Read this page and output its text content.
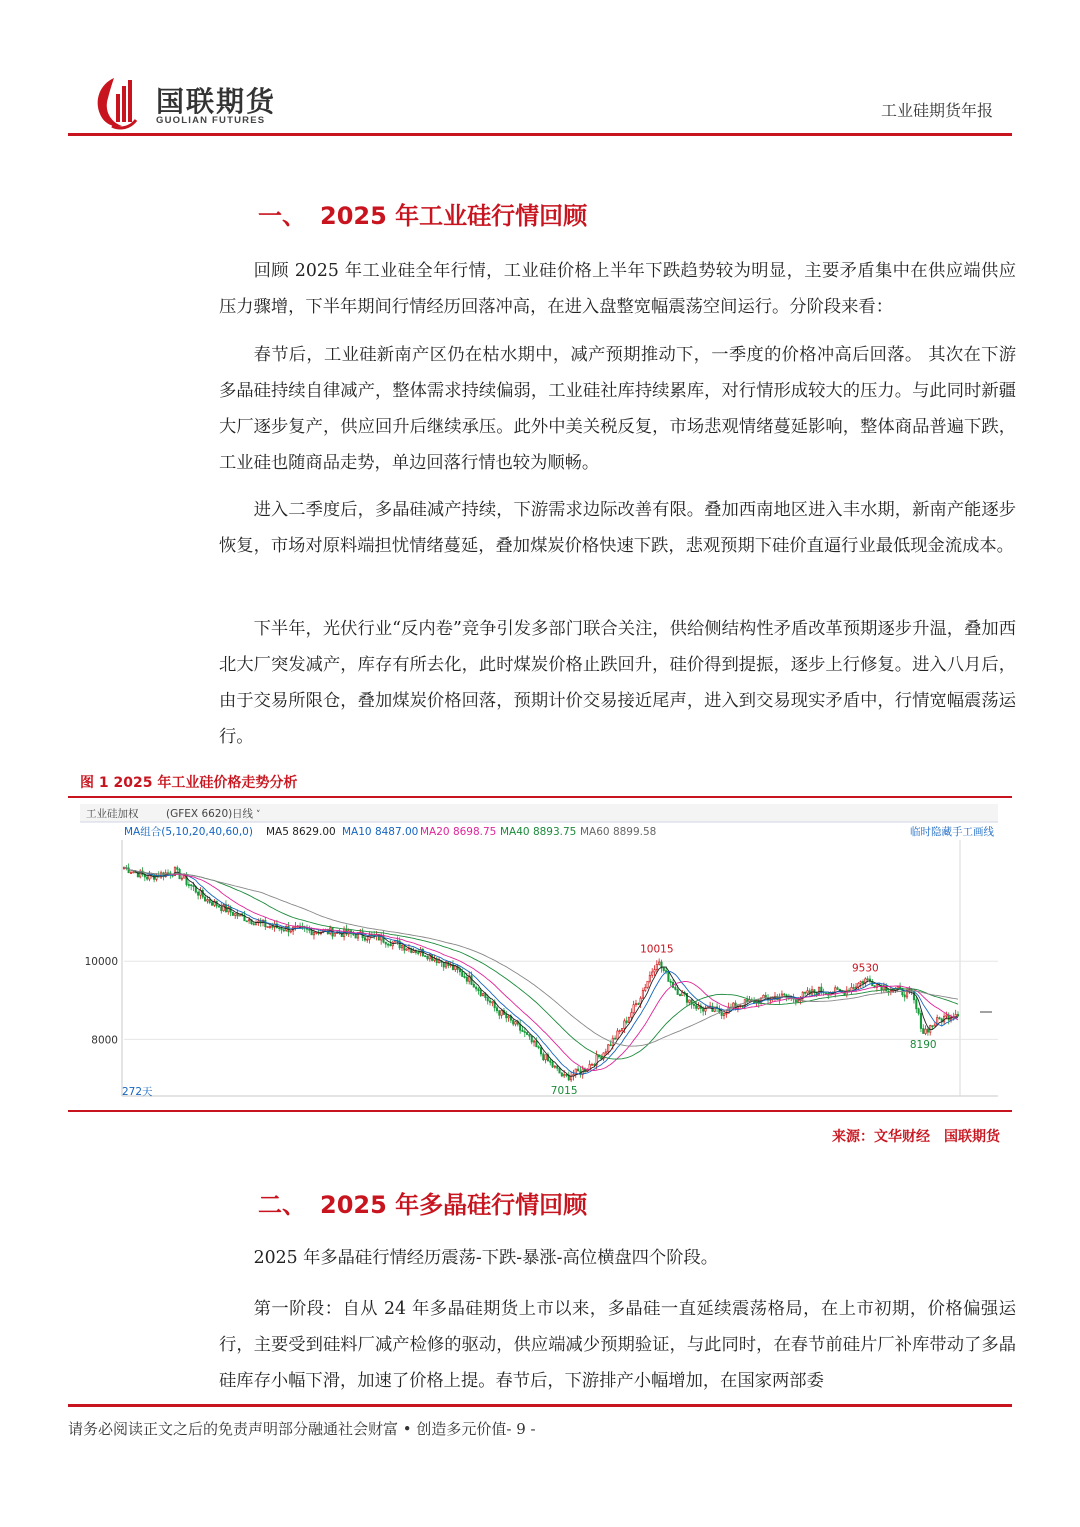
国联期货
GUOLIAN FUTURES
工业硅期货年报
一、 2025 年工业硅行情回顾

回顾 2025 年工业硅全年行情，工业硅价格上半年下跌趋势较为明显，主要矛盾集中在供应端供应压力骤增，下半年期间行情经历回落冲高，在进入盘整宽幅震荡空间运行。分阶段来看：

春节后，工业硅新南产区仍在枯水期中，减产预期推动下，一季度的价格冲高后回落。 其次在下游多晶硅持续自律减产，整体需求持续偏弱，工业硅社库持续累库，对行情形成较大的压力。与此同时新疆大厂逐步复产，供应回升后继续承压。此外中美关税反复，市场悲观情绪蔓延影响，整体商品普遍下跌，工业硅也随商品走势，单边回落行情也较为顺畅。

进入二季度后，多晶硅减产持续，下游需求边际改善有限。叠加西南地区进入丰水期，新南产能逐步恢复，市场对原料端担忧情绪蔓延，叠加煤炭价格快速下跌，悲观预期下硅价直逼行业最低现金流成本。

下半年，光伏行业“反内卷”竞争引发多部门联合关注，供给侧结构性矛盾改革预期逐步升温，叠加西北大厂突发减产，库存有所去化，此时煤炭价格止跌回升，硅价得到提振，逐步上行修复。进入八月后，由于交易所限仓，叠加煤炭价格回落，预期计价交易接近尾声，进入到交易现实矛盾中，行情宽幅震荡运行。

图 1 2025 年工业硅价格走势分析
工业硅加权	(GFEX 6620) 日线 ˅
MA组合(5,10,20,40,60,0) MA5 8629.00 MA10 8487.00 MA20 8698.75 MA40 8893.75 MA60 8899.58	临时隐藏手工画线
10000
8000
10015
9530
8190
7015
272天
来源：文华财经　国联期货
二、 2025 年多晶硅行情回顾

2025 年多晶硅行情经历震荡-下跌-暴涨-高位横盘四个阶段。

第一阶段：自从 24 年多晶硅期货上市以来，多晶硅一直延续震荡格局，在上市初期，价格偏强运行，主要受到硅料厂减产检修的驱动，供应端减少预期验证，与此同时，在春节前硅片厂补库带动了多晶硅库存小幅下滑，加速了价格上提。春节后，下游排产小幅增加，在国家两部委

请务必阅读正文之后的免责声明部分融通社会财富 • 创造多元价值- 9 -
